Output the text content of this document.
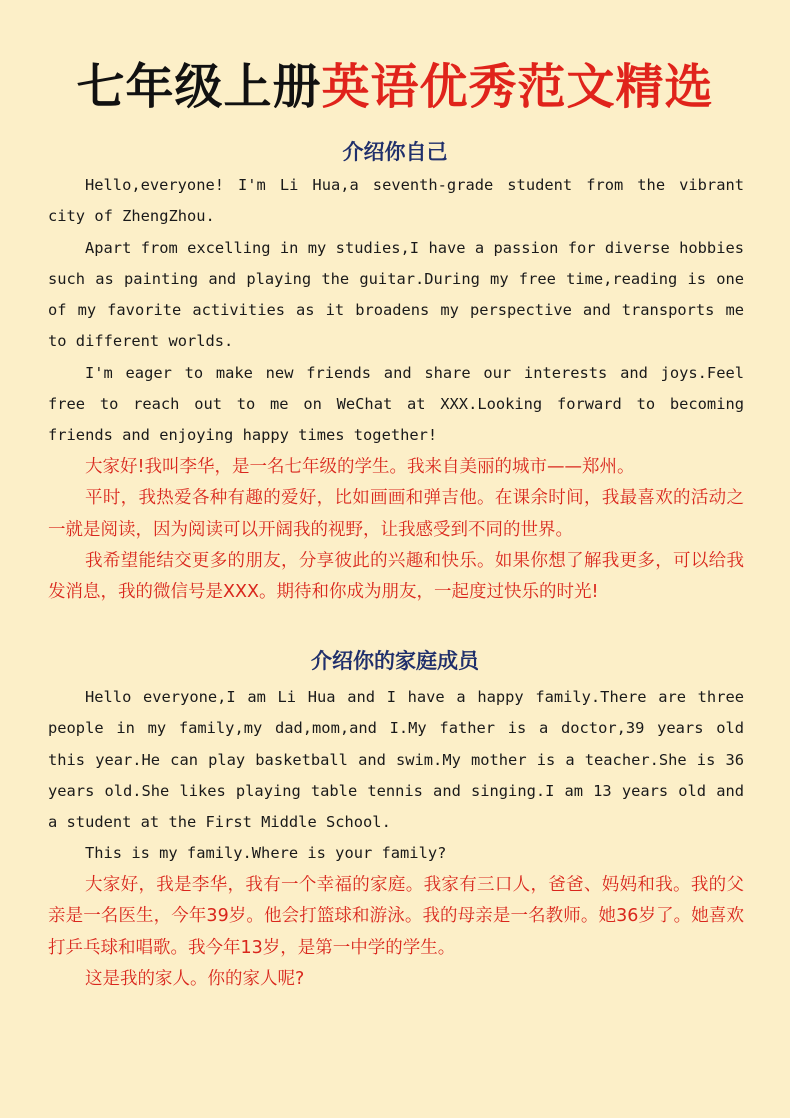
七年级上册英语优秀范文精选
介绍你自己

Hello,everyone! I'm Li Hua,a seventh-grade student from the vibrant city of ZhengZhou.

Apart from excelling in my studies,I have a passion for diverse hobbies such as painting and playing the guitar.During my free time,reading is one of my favorite activities as it broadens my perspective and transports me to different worlds.

I'm eager to make new friends and share our interests and joys.Feel free to reach out to me on WeChat at XXX.Looking forward to becoming friends and enjoying happy times together!

大家好!我叫李华，是一名七年级的学生。我来自美丽的城市——郑州。

平时，我热爱各种有趣的爱好，比如画画和弹吉他。在课余时间，我最喜欢的活动之一就是阅读，因为阅读可以开阔我的视野，让我感受到不同的世界。

我希望能结交更多的朋友，分享彼此的兴趣和快乐。如果你想了解我更多，可以给我发消息，我的微信号是XXX。期待和你成为朋友，一起度过快乐的时光!

介绍你的家庭成员

Hello everyone,I am Li Hua and I have a happy family.There are three people in my family,my dad,mom,and I.My father is a doctor,39 years old this year.He can play basketball and swim.My mother is a teacher.She is 36 years old.She likes playing table tennis and singing.I am 13 years old and a student at the First Middle School.

This is my family.Where is your family?

大家好，我是李华，我有一个幸福的家庭。我家有三口人，爸爸、妈妈和我。我的父亲是一名医生，今年39岁。他会打篮球和游泳。我的母亲是一名教师。她36岁了。她喜欢打乒乓球和唱歌。我今年13岁，是第一中学的学生。

这是我的家人。你的家人呢?
